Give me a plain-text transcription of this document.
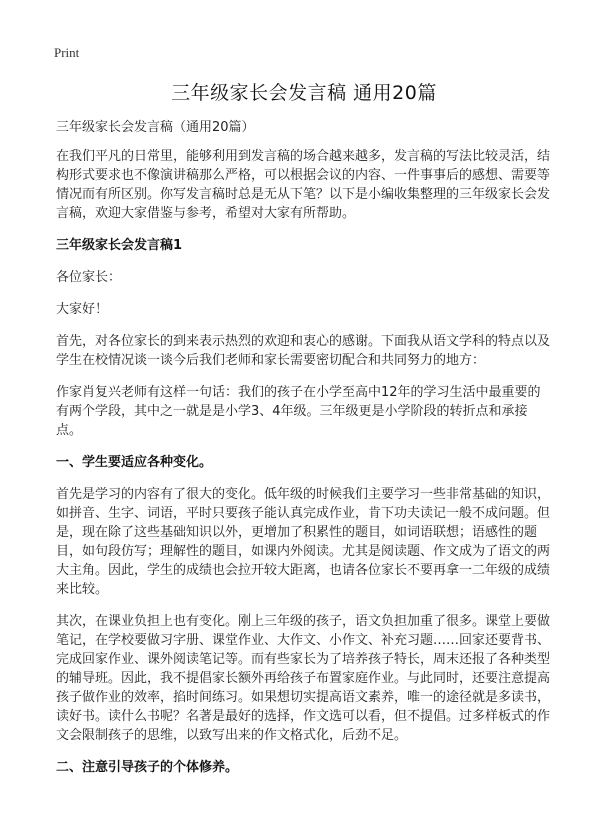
Print
三年级家长会发言稿 通用20篇

三年级家长会发言稿（通用20篇）

在我们平凡的日常里，能够利用到发言稿的场合越来越多，发言稿的写法比较灵活，结构形式要求也不像演讲稿那么严格，可以根据会议的内容、一件事事后的感想、需要等情况而有所区别。你写发言稿时总是无从下笔？以下是小编收集整理的三年级家长会发言稿，欢迎大家借鉴与参考，希望对大家有所帮助。

三年级家长会发言稿1

各位家长：

大家好！

首先，对各位家长的到来表示热烈的欢迎和衷心的感谢。下面我从语文学科的特点以及学生在校情况谈一谈今后我们老师和家长需要密切配合和共同努力的地方：

作家肖复兴老师有这样一句话：我们的孩子在小学至高中12年的学习生活中最重要的有两个学段，其中之一就是是小学3、4年级。三年级更是小学阶段的转折点和承接点。

一、学生要适应各种变化。

首先是学习的内容有了很大的变化。低年级的时候我们主要学习一些非常基础的知识，如拼音、生字、词语，平时只要孩子能认真完成作业，肯下功夫读记一般不成问题。但是，现在除了这些基础知识以外，更增加了积累性的题目，如词语联想；语感性的题目，如句段仿写；理解性的题目，如课内外阅读。尤其是阅读题、作文成为了语文的两大主角。因此，学生的成绩也会拉开较大距离，也请各位家长不要再拿一二年级的成绩来比较。

其次，在课业负担上也有变化。刚上三年级的孩子，语文负担加重了很多。课堂上要做笔记，在学校要做习字册、课堂作业、大作文、小作文、补充习题……回家还要背书、完成回家作业、课外阅读笔记等。而有些家长为了培养孩子特长，周末还报了各种类型的辅导班。因此，我不提倡家长额外再给孩子布置家庭作业。与此同时，还要注意提高孩子做作业的效率，掐时间练习。如果想切实提高语文素养，唯一的途径就是多读书，读好书。读什么书呢？名著是最好的选择，作文选可以看，但不提倡。过多样板式的作文会限制孩子的思维，以致写出来的作文格式化，后劲不足。

二、注意引导孩子的个体修养。
